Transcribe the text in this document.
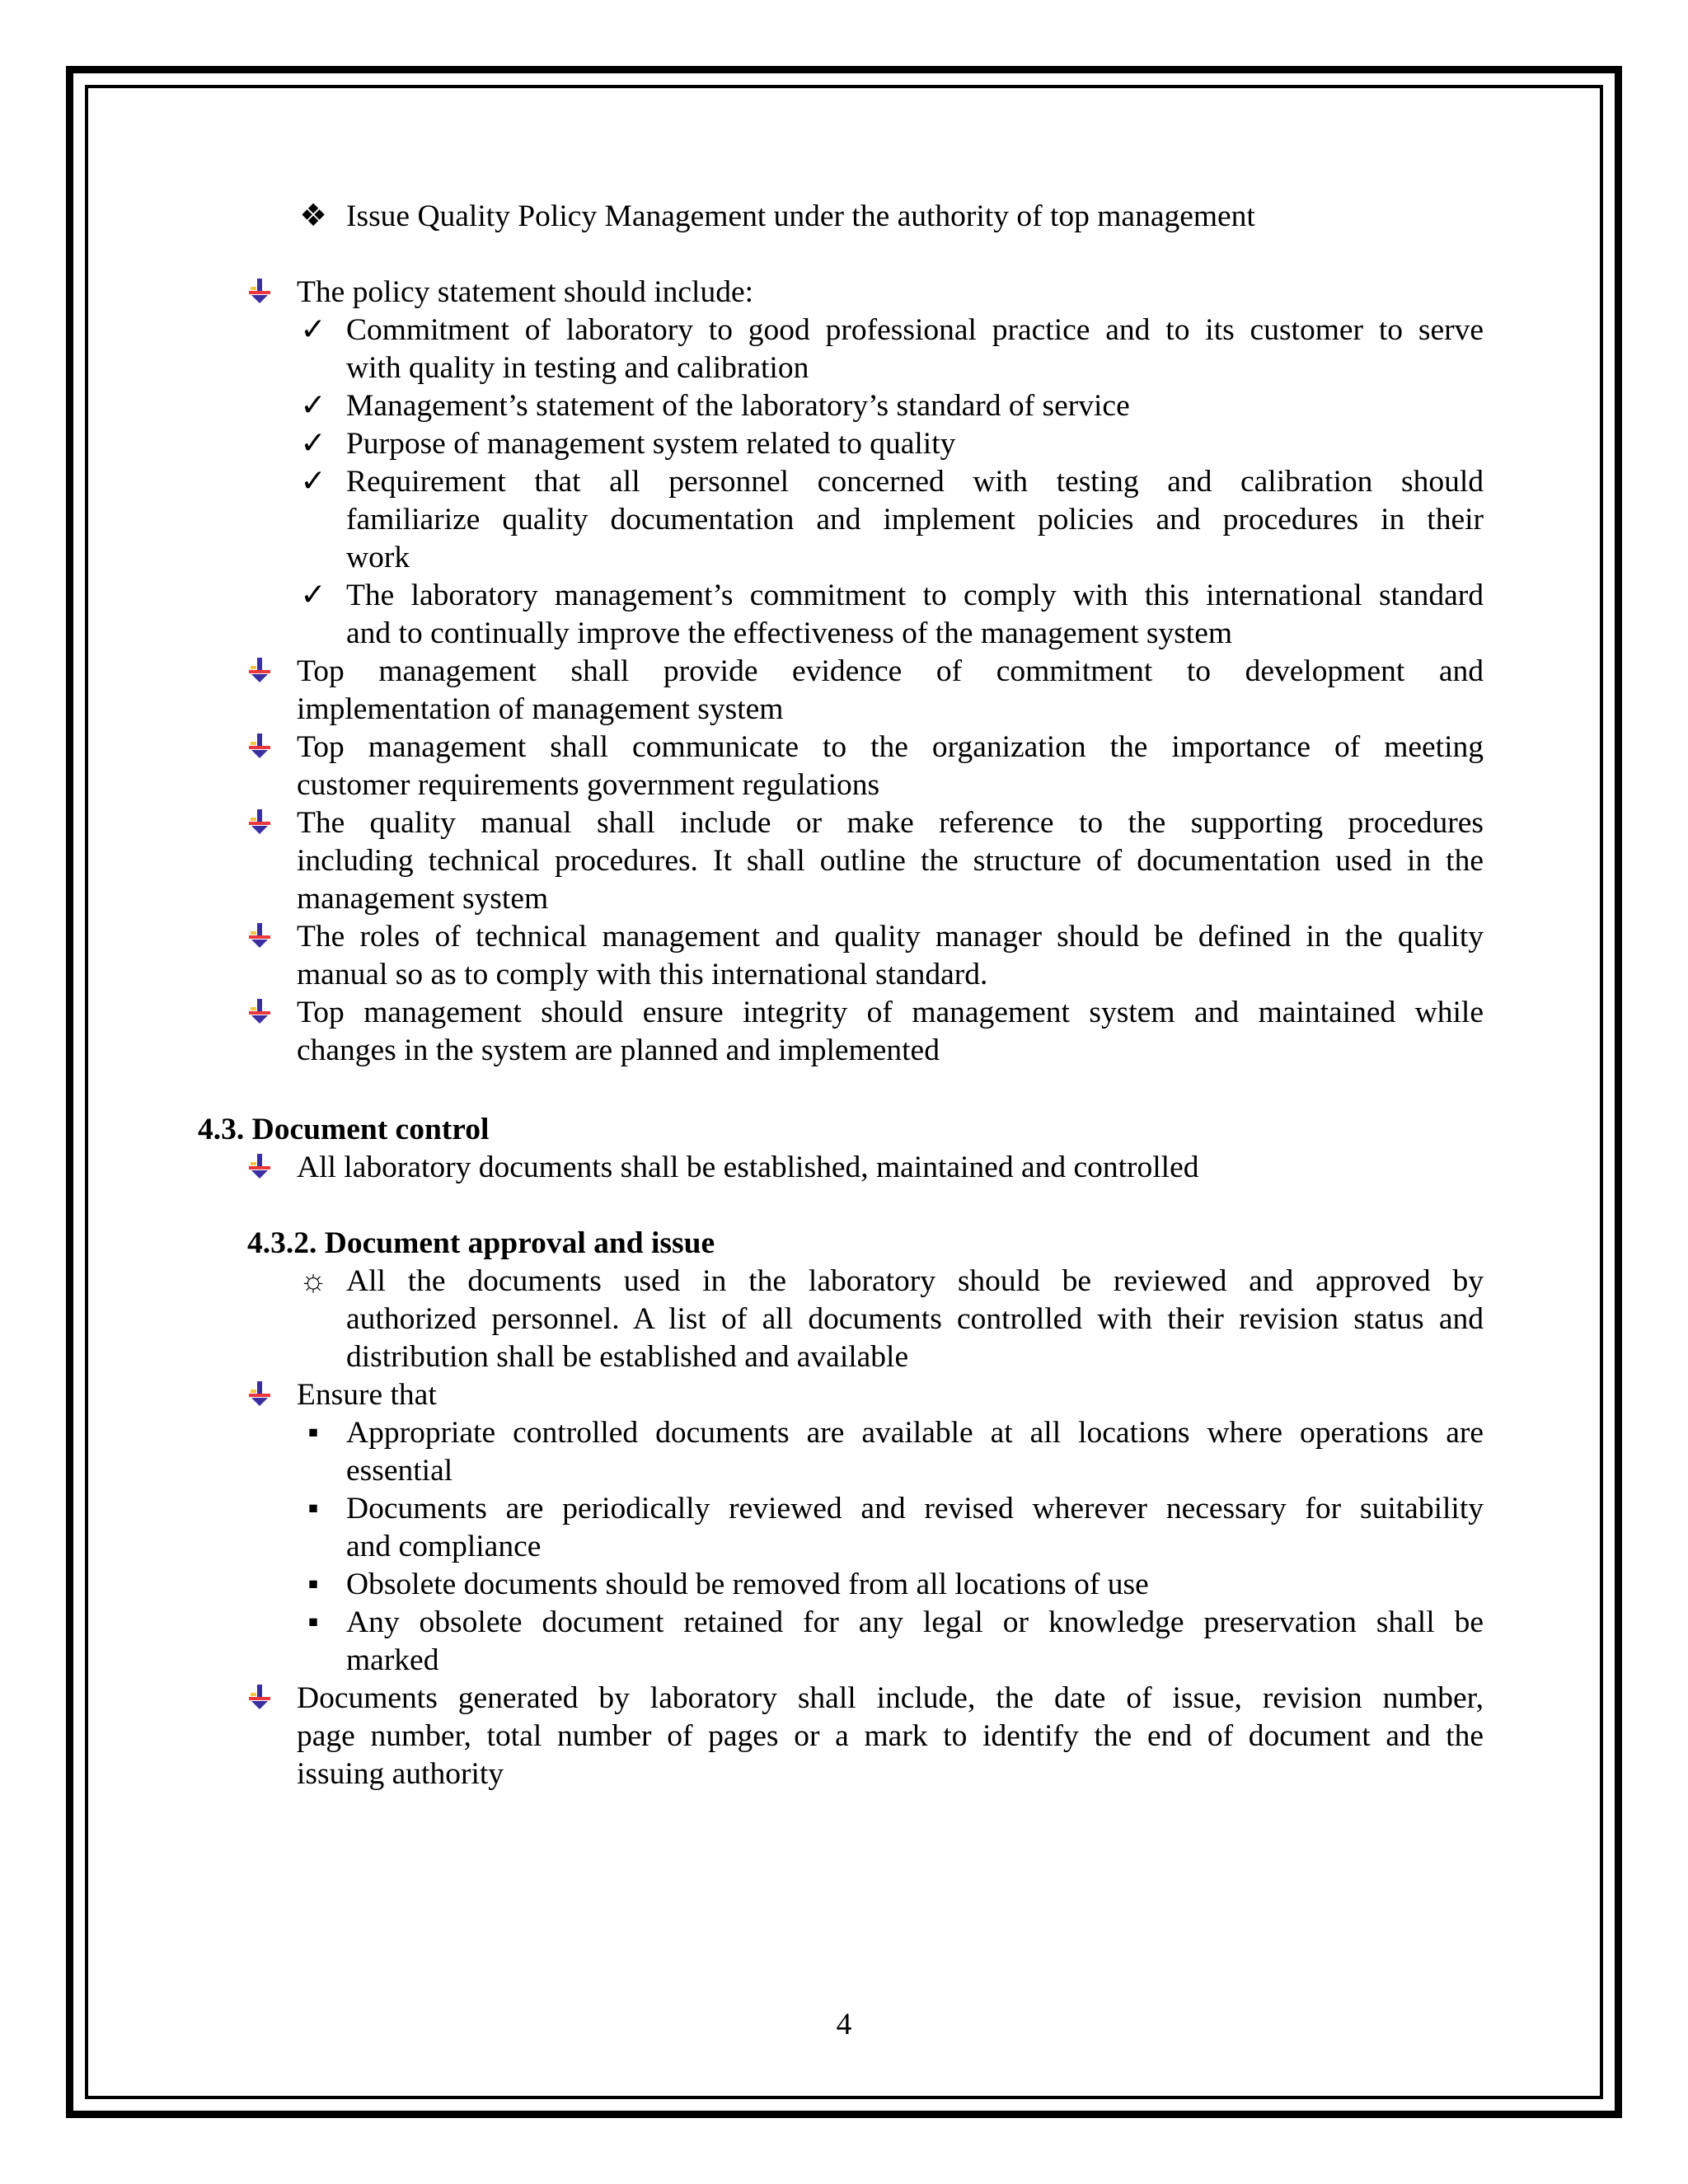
❖ Issue Quality Policy Management under the authority of top management
The policy statement should include:
✓ Commitment of laboratory to good professional practice and to its customer to serve
with quality in testing and calibration
✓ Management’s statement of the laboratory’s standard of service
✓ Purpose of management system related to quality
✓ Requirement that all personnel concerned with testing and calibration should
familiarize quality documentation and implement policies and procedures in their
work
✓ The laboratory management’s commitment to comply with this international standard
and to continually improve the effectiveness of the management system
Top management shall provide evidence of commitment to development and
implementation of management system
Top management shall communicate to the organization the importance of meeting
customer requirements government regulations
The quality manual shall include or make reference to the supporting procedures
including technical procedures. It shall outline the structure of documentation used in the
management system
The roles of technical management and quality manager should be defined in the quality
manual so as to comply with this international standard.
Top management should ensure integrity of management system and maintained while
changes in the system are planned and implemented
4.3. Document control
All laboratory documents shall be established, maintained and controlled
4.3.2. Document approval and issue
☼ All the documents used in the laboratory should be reviewed and approved by
authorized personnel. A list of all documents controlled with their revision status and
distribution shall be established and available
Ensure that
▪ Appropriate controlled documents are available at all locations where operations are
essential
▪ Documents are periodically reviewed and revised wherever necessary for suitability
and compliance
▪ Obsolete documents should be removed from all locations of use
▪ Any obsolete document retained for any legal or knowledge preservation shall be
marked
Documents generated by laboratory shall include, the date of issue, revision number,
page number, total number of pages or a mark to identify the end of document and the
issuing authority
4
